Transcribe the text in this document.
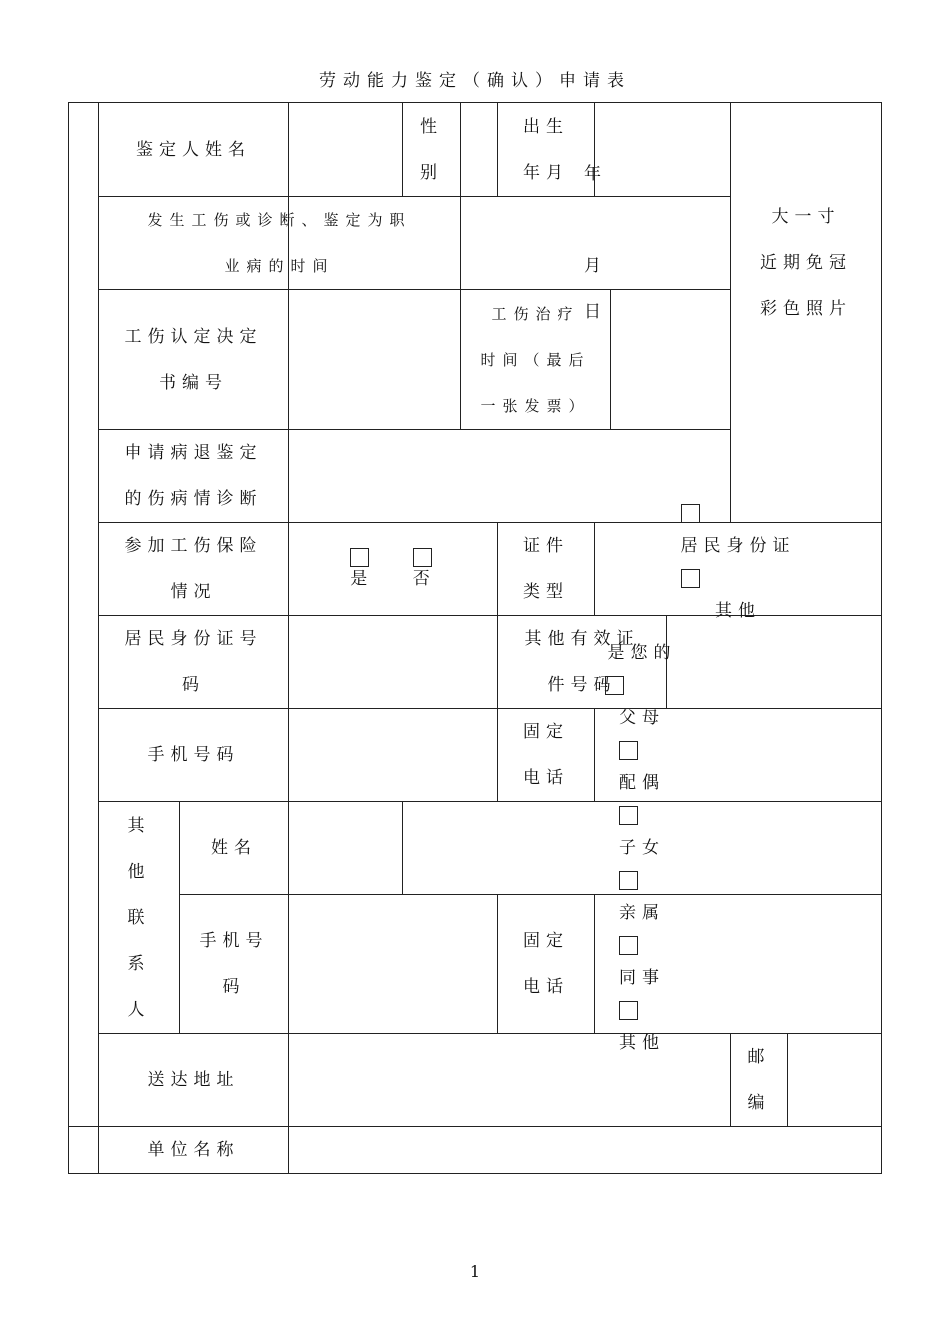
劳动能力鉴定（确认）申请表
鉴定人姓名
性
别
出生
年月
大一寸
近期免冠
彩色照片
发生工伤或诊断、鉴定为职
业病的时间
年
月
日
工伤认定决定
书编号
工伤治疗
时间（最后
一张发票）
申请病退鉴定
的伤病情诊断
参加工伤保险
情况
是
否
证件
类型
居民身份证
其他
居民身份证号
码
其他有效证
件号码
手机号码
固定
电话
其
他
联
系
人
姓名
是您的
父母
配偶
子女
亲属
同事
其他
手机号
码
固定
电话
送达地址
邮
编
单位名称
1
